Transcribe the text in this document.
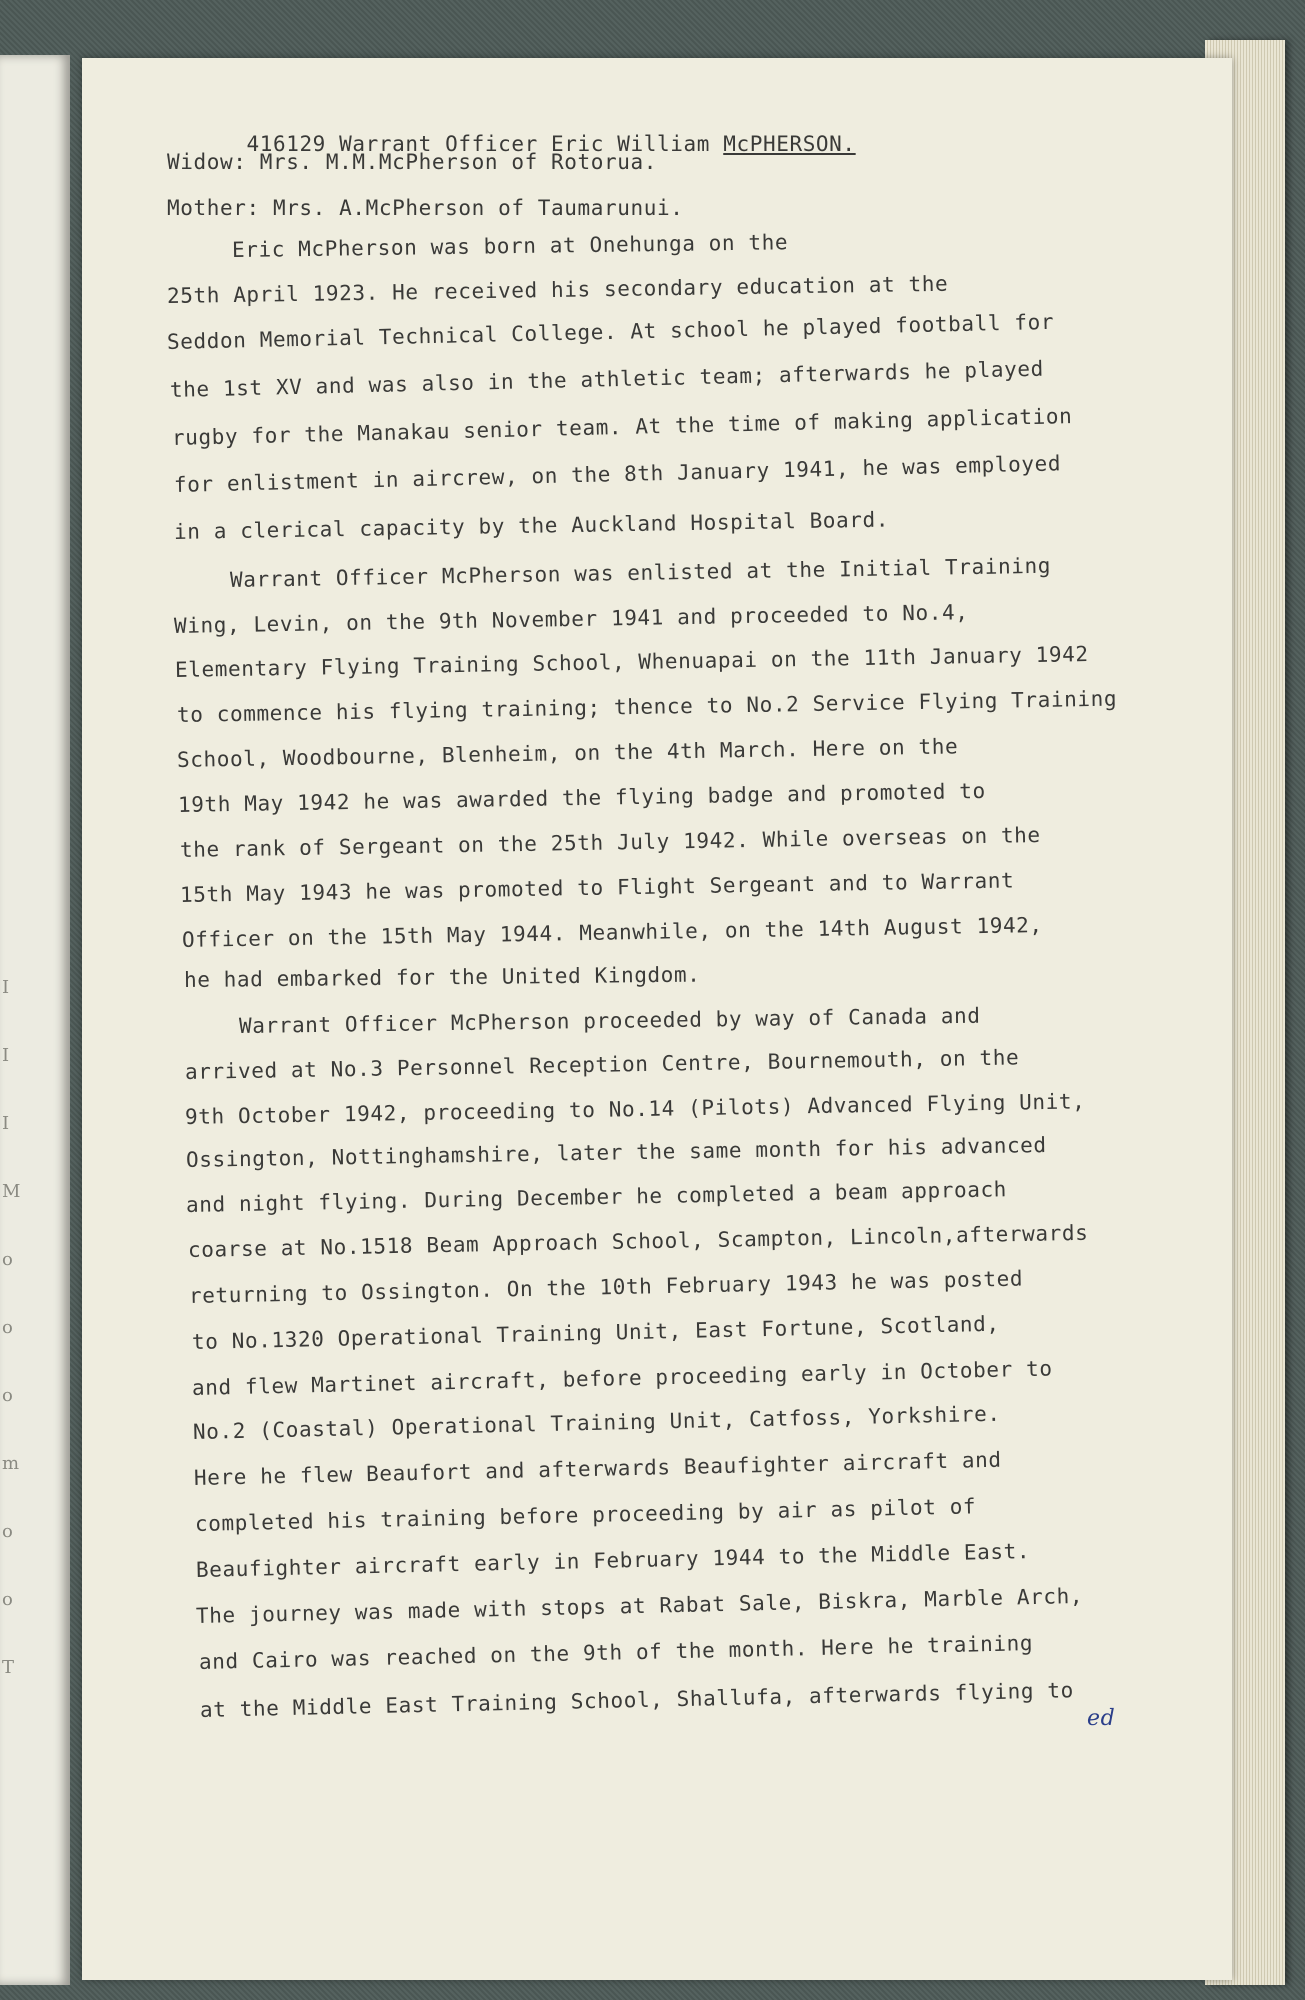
I
I
I
M
o
o
o
m
o
o
T

416129 Warrant Officer Eric William McPHERSON.

Widow: Mrs. M.M.McPherson of Rotorua.
Mother: Mrs. A.McPherson of Taumarunui.
Eric McPherson was born at Onehunga on the
25th April 1923. He received his secondary education at the
Seddon Memorial Technical College. At school he played football for
the 1st XV and was also in the athletic team; afterwards he played
rugby for the Manakau senior team. At the time of making application
for enlistment in aircrew, on the 8th January 1941, he was employed
in a clerical capacity by the Auckland Hospital Board.
Warrant Officer McPherson was enlisted at the Initial Training
Wing, Levin, on the 9th November 1941 and proceeded to No.4,
Elementary Flying Training School, Whenuapai on the 11th January 1942
to commence his flying training; thence to No.2 Service Flying Training
School, Woodbourne, Blenheim, on the 4th March. Here on the
19th May 1942 he was awarded the flying badge and promoted to
the rank of Sergeant on the 25th July 1942. While overseas on the
15th May 1943 he was promoted to Flight Sergeant and to Warrant
Officer on the 15th May 1944. Meanwhile, on the 14th August 1942,
he had embarked for the United Kingdom.
Warrant Officer McPherson proceeded by way of Canada and
arrived at No.3 Personnel Reception Centre, Bournemouth, on the
9th October 1942, proceeding to No.14 (Pilots) Advanced Flying Unit,
Ossington, Nottinghamshire, later the same month for his advanced
and night flying. During December he completed a beam approach
coarse at No.1518 Beam Approach School, Scampton, Lincoln,afterwards
returning to Ossington. On the 10th February 1943 he was posted
to No.1320 Operational Training Unit, East Fortune, Scotland,
and flew Martinet aircraft, before proceeding early in October to
No.2 (Coastal) Operational Training Unit, Catfoss, Yorkshire.
Here he flew Beaufort and afterwards Beaufighter aircraft and
completed his training before proceeding by air as pilot of
Beaufighter aircraft early in February 1944 to the Middle East.
The journey was made with stops at Rabat Sale, Biskra, Marble Arch,
and Cairo was reached on the 9th of the month. Here he training
at the Middle East Training School, Shallufa, afterwards flying to ed
